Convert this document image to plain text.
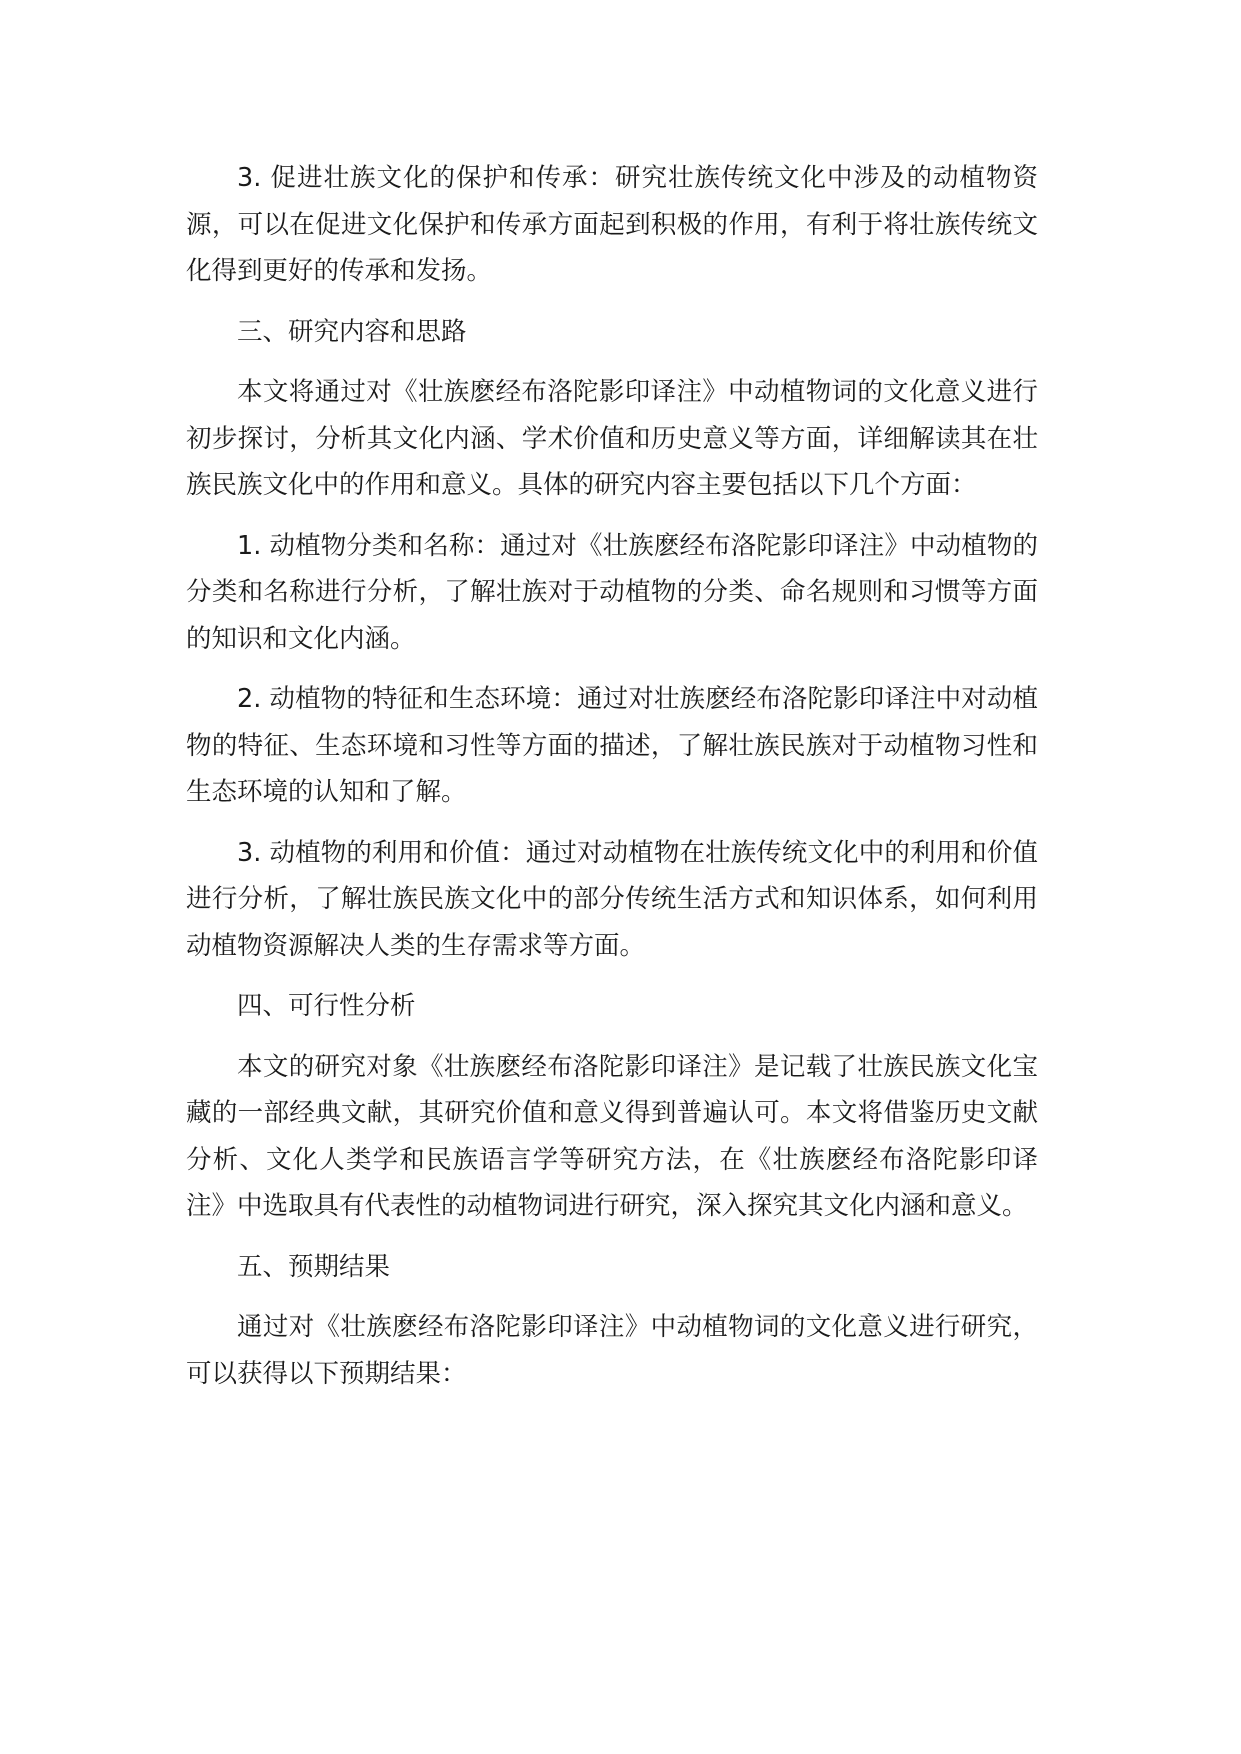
3. 促进壮族文化的保护和传承：研究壮族传统文化中涉及的动植物资源，可以在促进文化保护和传承方面起到积极的作用，有利于将壮族传统文化得到更好的传承和发扬。

三、研究内容和思路

本文将通过对《壮族麽经布洛陀影印译注》中动植物词的文化意义进行初步探讨，分析其文化内涵、学术价值和历史意义等方面，详细解读其在壮族民族文化中的作用和意义。具体的研究内容主要包括以下几个方面：

1. 动植物分类和名称：通过对《壮族麽经布洛陀影印译注》中动植物的分类和名称进行分析，了解壮族对于动植物的分类、命名规则和习惯等方面的知识和文化内涵。

2. 动植物的特征和生态环境：通过对壮族麽经布洛陀影印译注中对动植物的特征、生态环境和习性等方面的描述，了解壮族民族对于动植物习性和生态环境的认知和了解。

3. 动植物的利用和价值：通过对动植物在壮族传统文化中的利用和价值进行分析，了解壮族民族文化中的部分传统生活方式和知识体系，如何利用动植物资源解决人类的生存需求等方面。

四、可行性分析

本文的研究对象《壮族麽经布洛陀影印译注》是记载了壮族民族文化宝藏的一部经典文献，其研究价值和意义得到普遍认可。本文将借鉴历史文献分析、文化人类学和民族语言学等研究方法，在《壮族麽经布洛陀影印译注》中选取具有代表性的动植物词进行研究，深入探究其文化内涵和意义。

五、预期结果

通过对《壮族麽经布洛陀影印译注》中动植物词的文化意义进行研究，可以获得以下预期结果：
